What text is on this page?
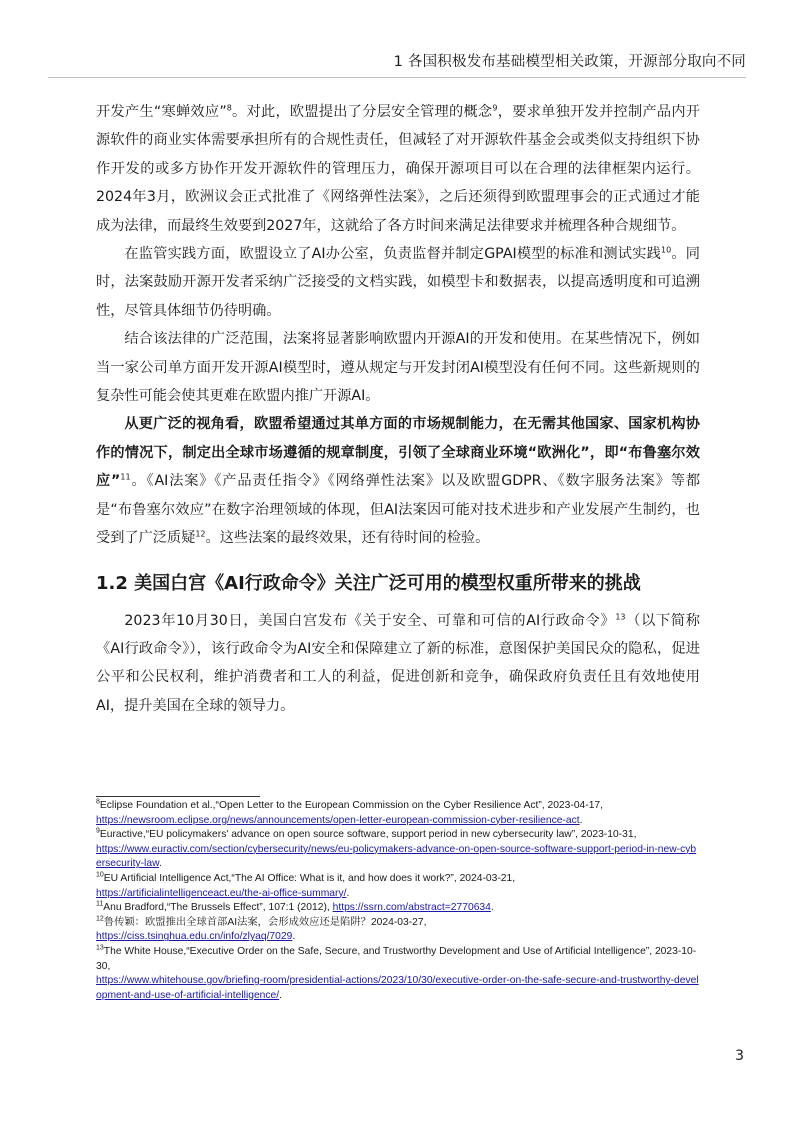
1 各国积极发布基础模型相关政策，开源部分取向不同

开发产生“寒蝉效应”$^8$。对此，欧盟提出了分层安全管理的概念$^9$，要求单独开发并控制产品内开源软件的商业实体需要承担所有的合规性责任，但减轻了对开源软件基金会或类似支持组织下协作开发的或多方协作开发开源软件的管理压力，确保开源项目可以在合理的法律框架内运行。2024年3月，欧洲议会正式批准了《网络弹性法案》，之后还须得到欧盟理事会的正式通过才能成为法律，而最终生效要到2027年，这就给了各方时间来满足法律要求并梳理各种合规细节。

在监管实践方面，欧盟设立了AI办公室，负责监督并制定GPAI模型的标准和测试实践$^{10}$。同时，法案鼓励开源开发者采纳广泛接受的文档实践，如模型卡和数据表，以提高透明度和可追溯性，尽管具体细节仍待明确。

结合该法律的广泛范围，法案将显著影响欧盟内开源AI的开发和使用。在某些情况下，例如当一家公司单方面开发开源AI模型时，遵从规定与开发封闭AI模型没有任何不同。这些新规则的复杂性可能会使其更难在欧盟内推广开源AI。

从更广泛的视角看，欧盟希望通过其单方面的市场规制能力，在无需其他国家、国家机构协作的情况下，制定出全球市场遵循的规章制度，引领了全球商业环境“欧洲化”，即“布鲁塞尔效应”$^{11}$。《AI法案》《产品责任指令》《网络弹性法案》以及欧盟GDPR、《数字服务法案》等都是“布鲁塞尔效应”在数字治理领域的体现，但AI法案因可能对技术进步和产业发展产生制约，也受到了广泛质疑$^{12}$。这些法案的最终效果，还有待时间的检验。

1.2 美国白宫《AI行政命令》关注广泛可用的模型权重所带来的挑战

2023年10月30日，美国白宫发布《关于安全、可靠和可信的AI行政命令》$^{13}$（以下简称《AI行政命令》），该行政命令为AI安全和保障建立了新的标准，意图保护美国民众的隐私，促进公平和公民权利，维护消费者和工人的利益，促进创新和竞争，确保政府负责任且有效地使用AI，提升美国在全球的领导力。

$^8$Eclipse Foundation et al.,“Open Letter to the European Commission on the Cyber Resilience Act”, 2023-04-17,
https://newsroom.eclipse.org/news/announcements/open-letter-european-commission-cyber-resilience-act.

$^9$Euractive,“EU policymakers' advance on open source software, support period in new cybersecurity law”, 2023-10-31,
https://www.euractiv.com/section/cybersecurity/news/eu-policymakers-advance-on-open-source-software-support-period-in-new-cybersecurity-law.

$^{10}$EU Artificial Intelligence Act,“The AI Office: What is it, and how does it work?”, 2024-03-21,
https://artificialintelligenceact.eu/the-ai-office-summary/.

$^{11}$Anu Bradford,“The Brussels Effect”, 107:1 (2012), https://ssrn.com/abstract=2770634.

$^{12}$鲁传颖：欧盟推出全球首部AI法案，会形成效应还是陷阱？2024-03-27,
https://ciss.tsinghua.edu.cn/info/zlyaq/7029.

$^{13}$The White House,“Executive Order on the Safe, Secure, and Trustworthy Development and Use of Artificial Intelligence”, 2023-10-30,
https://www.whitehouse.gov/briefing-room/presidential-actions/2023/10/30/executive-order-on-the-safe-secure-and-trustworthy-development-and-use-of-artificial-intelligence/.

3
